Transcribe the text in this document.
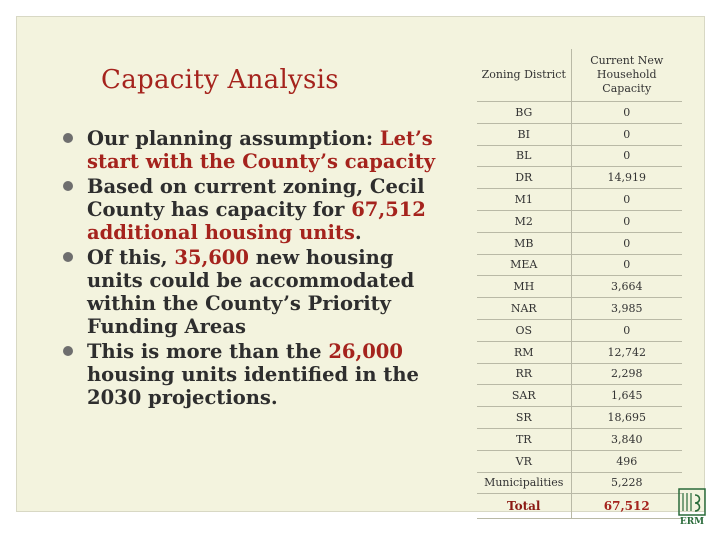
Capacity Analysis
Our planning assumption: Let’s start with the County’s capacity
Based on current zoning, Cecil County has capacity for 67,512 additional housing units.
Of this, 35,600 new housing units could be accommodated within the County’s Priority Funding Areas
This is more than the 26,000 housing units identified in the 2030 projections.
Zoning District	Current New Household Capacity
BG	0
BI	0
BL	0
DR	14,919
M1	0
M2	0
MB	0
MEA	0
MH	3,664
NAR	3,985
OS	0
RM	12,742
RR	2,298
SAR	1,645
SR	18,695
TR	3,840
VR	496
Municipalities	5,228
Total	67,512
ERM
